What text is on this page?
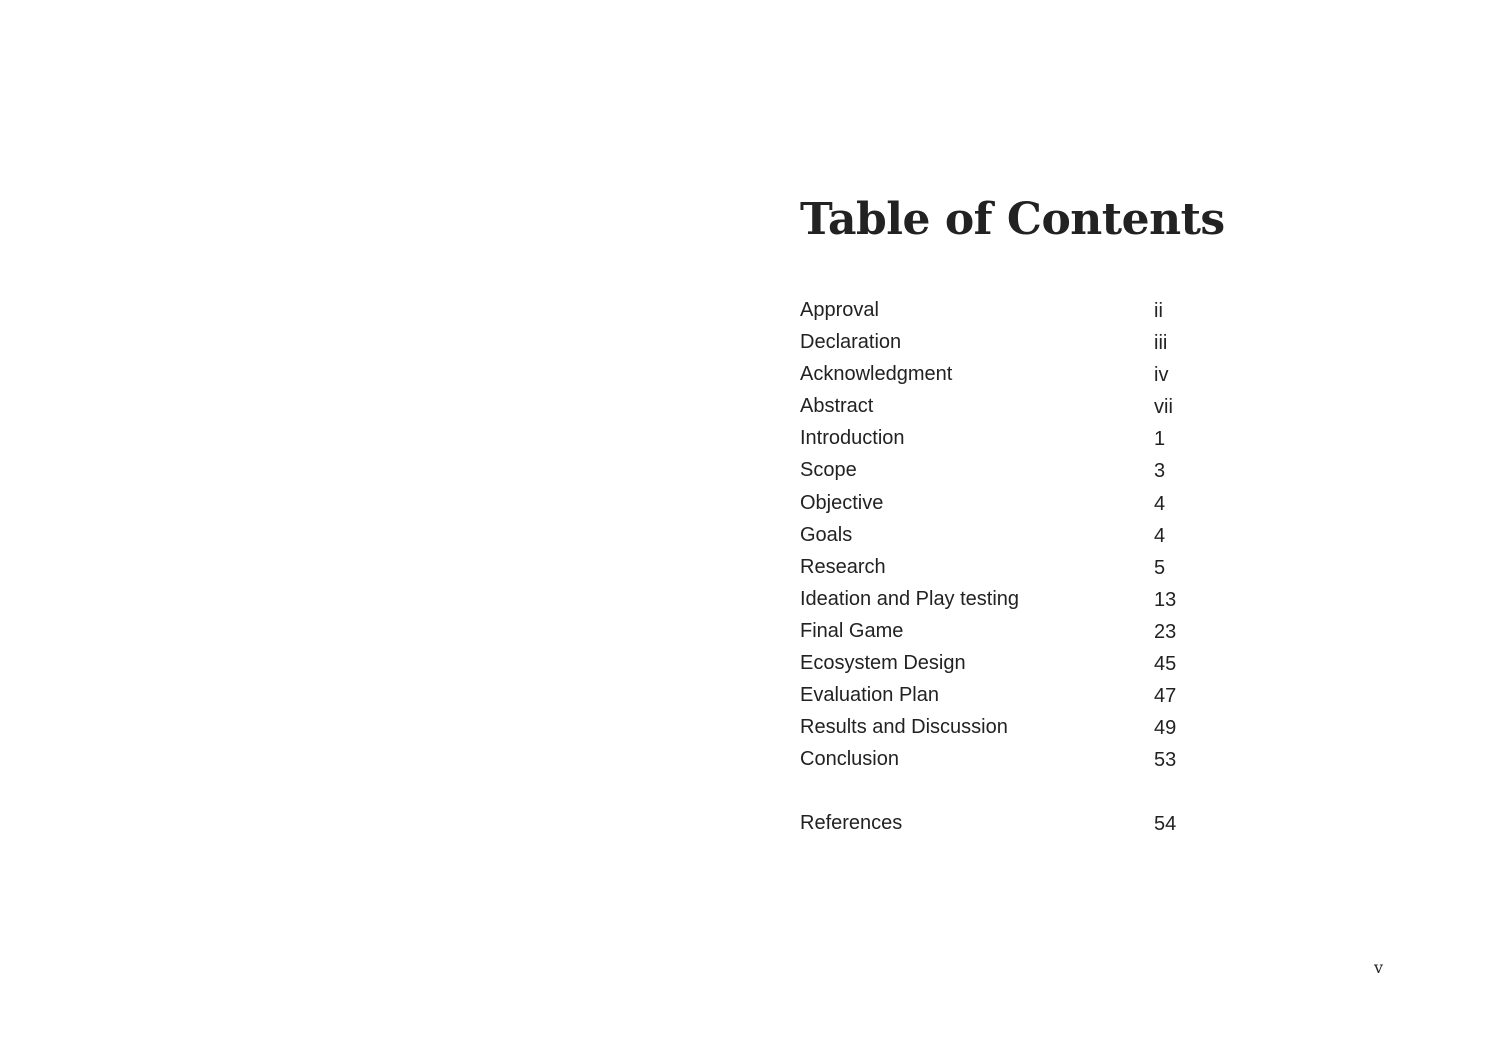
Table of Contents
Approval	ii
Declaration	iii
Acknowledgment	iv
Abstract	vii
Introduction	1
Scope	3
Objective	4
Goals	4
Research	5
Ideation and Play testing	13
Final Game	23
Ecosystem Design	45
Evaluation Plan	47
Results and Discussion	49
Conclusion	53
References	54
v
